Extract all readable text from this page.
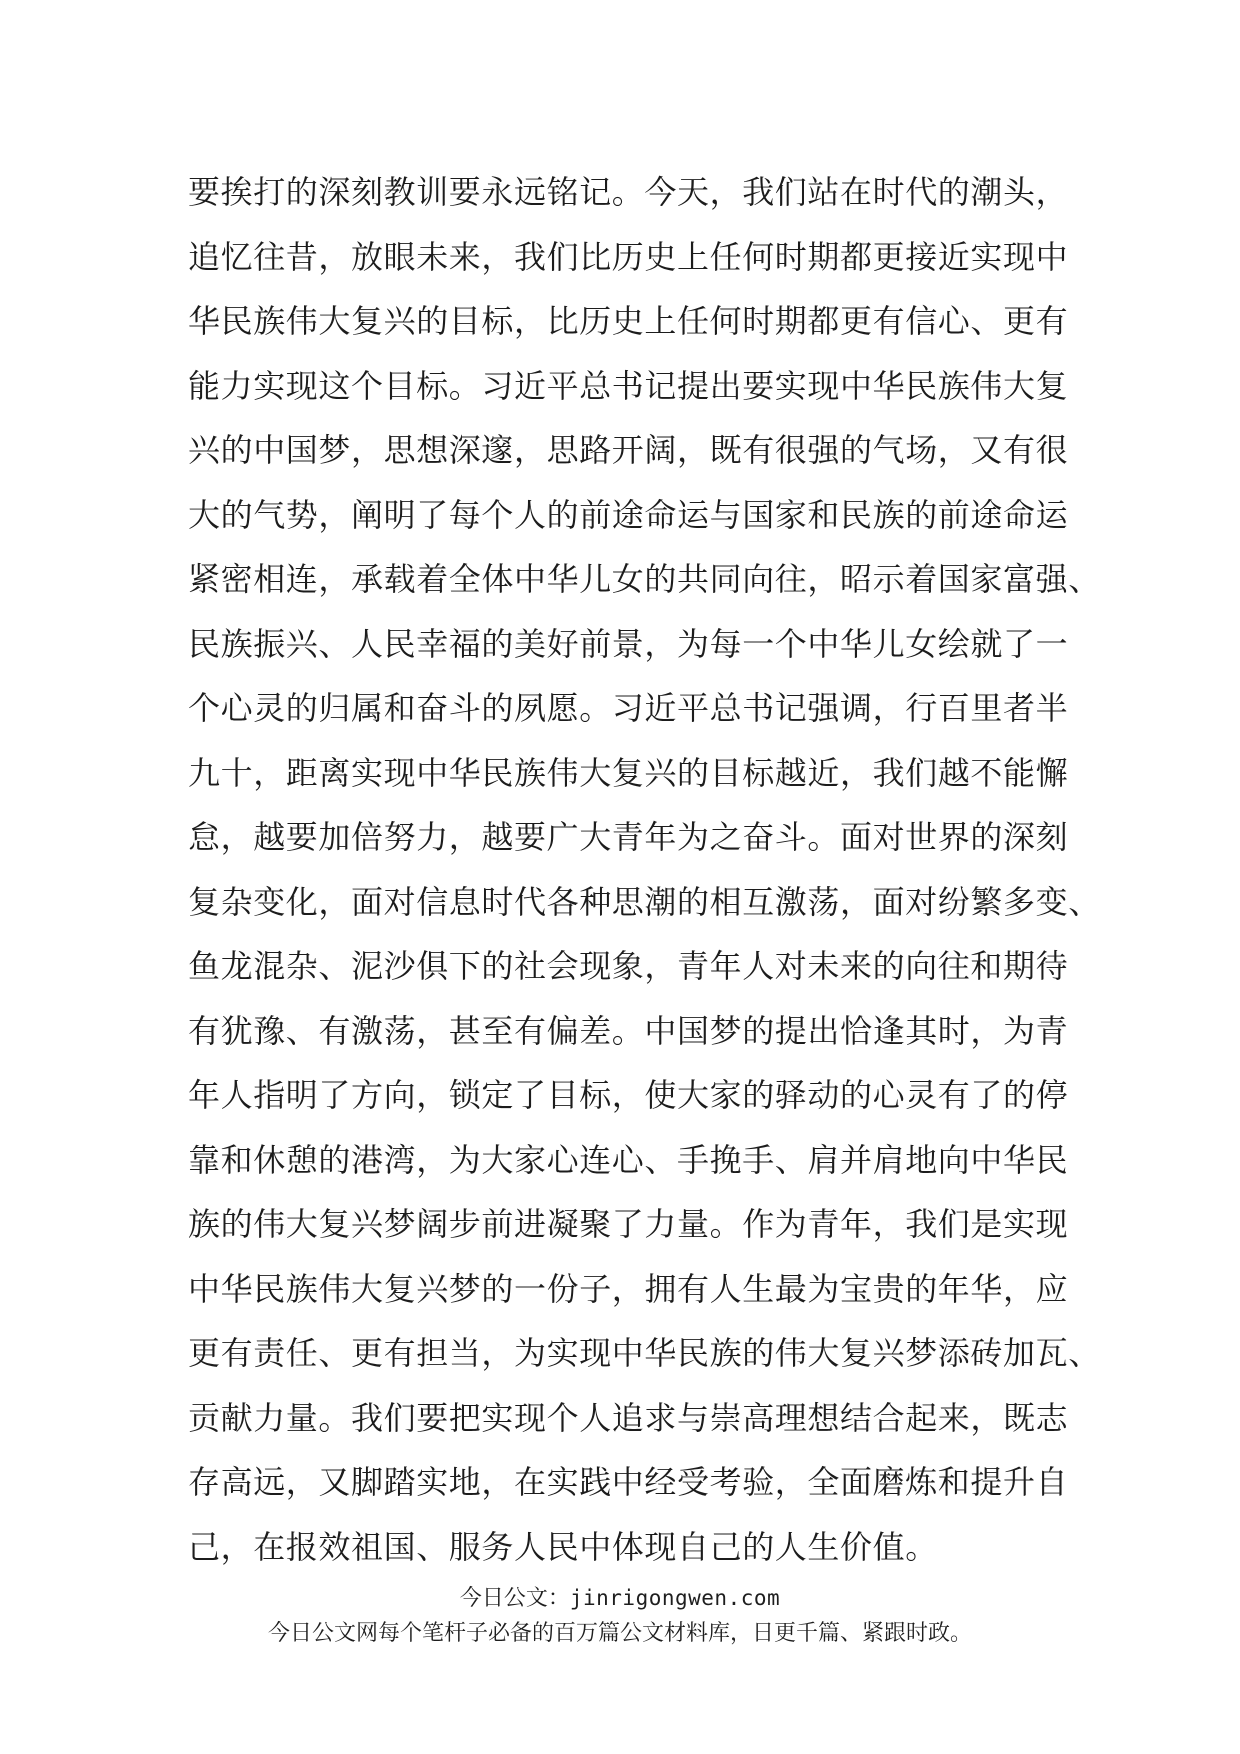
要挨打的深刻教训要永远铭记。今天，我们站在时代的潮头，
追忆往昔，放眼未来，我们比历史上任何时期都更接近实现中
华民族伟大复兴的目标，比历史上任何时期都更有信心、更有
能力实现这个目标。习近平总书记提出要实现中华民族伟大复
兴的中国梦，思想深邃，思路开阔，既有很强的气场，又有很
大的气势，阐明了每个人的前途命运与国家和民族的前途命运
紧密相连，承载着全体中华儿女的共同向往，昭示着国家富强、
民族振兴、人民幸福的美好前景，为每一个中华儿女绘就了一
个心灵的归属和奋斗的夙愿。习近平总书记强调，行百里者半
九十，距离实现中华民族伟大复兴的目标越近，我们越不能懈
怠，越要加倍努力，越要广大青年为之奋斗。面对世界的深刻
复杂变化，面对信息时代各种思潮的相互激荡，面对纷繁多变、
鱼龙混杂、泥沙俱下的社会现象，青年人对未来的向往和期待
有犹豫、有激荡，甚至有偏差。中国梦的提出恰逢其时，为青
年人指明了方向，锁定了目标，使大家的驿动的心灵有了的停
靠和休憩的港湾，为大家心连心、手挽手、肩并肩地向中华民
族的伟大复兴梦阔步前进凝聚了力量。作为青年，我们是实现
中华民族伟大复兴梦的一份子，拥有人生最为宝贵的年华，应
更有责任、更有担当，为实现中华民族的伟大复兴梦添砖加瓦、
贡献力量。我们要把实现个人追求与崇高理想结合起来，既志
存高远，又脚踏实地，在实践中经受考验，全面磨炼和提升自
己，在报效祖国、服务人民中体现自己的人生价值。
今日公文：jinrigongwen.com
今日公文网每个笔杆子必备的百万篇公文材料库，日更千篇、紧跟时政。
